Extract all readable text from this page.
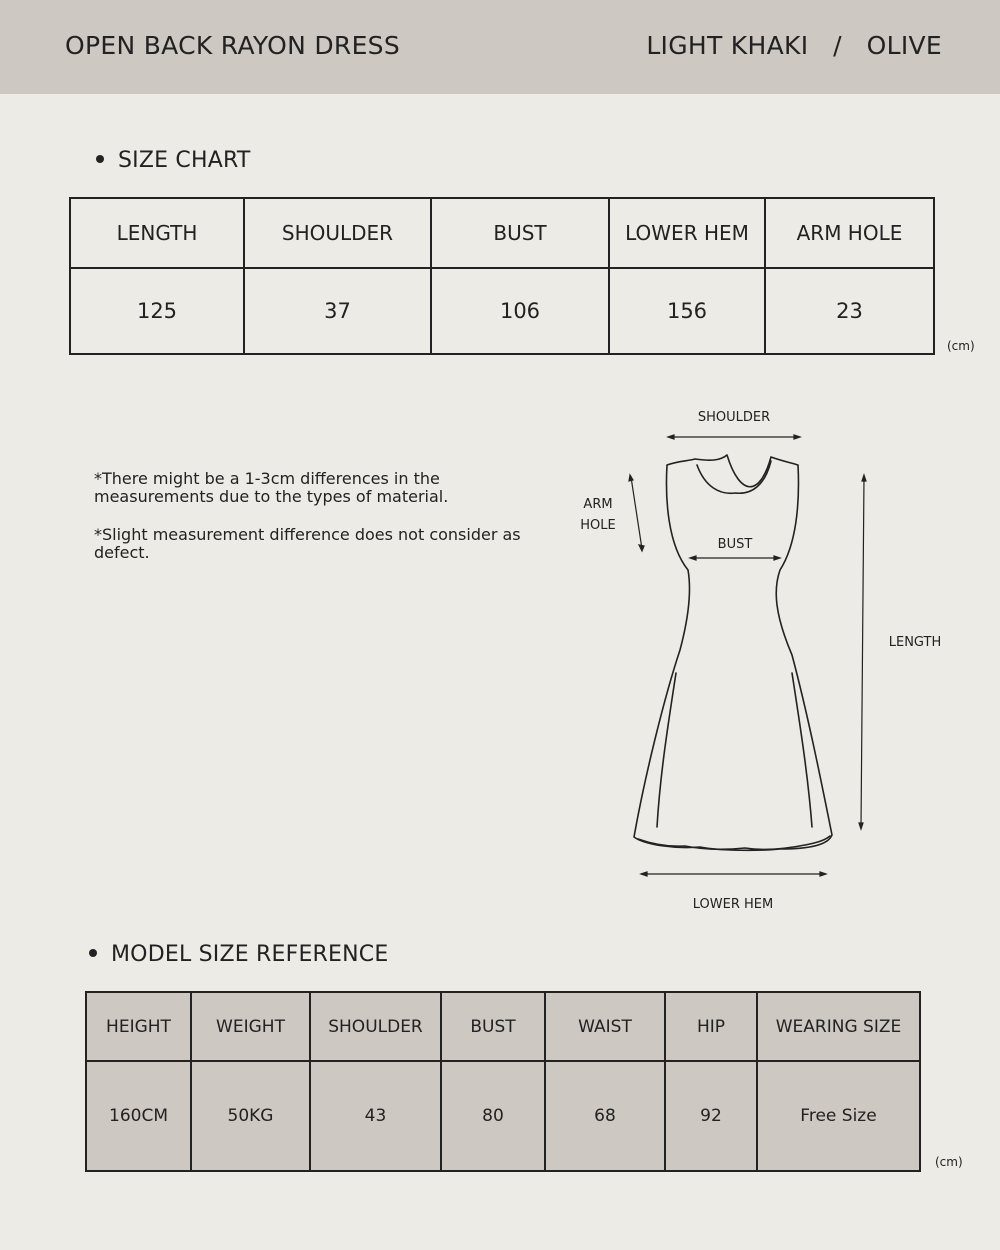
OPEN BACK RAYON DRESS	LIGHT KHAKI / OLIVE
SIZE CHART
LENGTH	SHOULDER	BUST	LOWER HEM	ARM HOLE
125	37	106	156	23
(cm)
*There might be a 1-3cm differences in the measurements due to the types of material.
*Slight measurement difference does not consider as defect.
SHOULDER
ARM
HOLE
BUST
LENGTH
LOWER HEM
MODEL SIZE REFERENCE
HEIGHT	WEIGHT	SHOULDER	BUST	WAIST	HIP	WEARING SIZE
160CM	50KG	43	80	68	92	Free Size
(cm)
